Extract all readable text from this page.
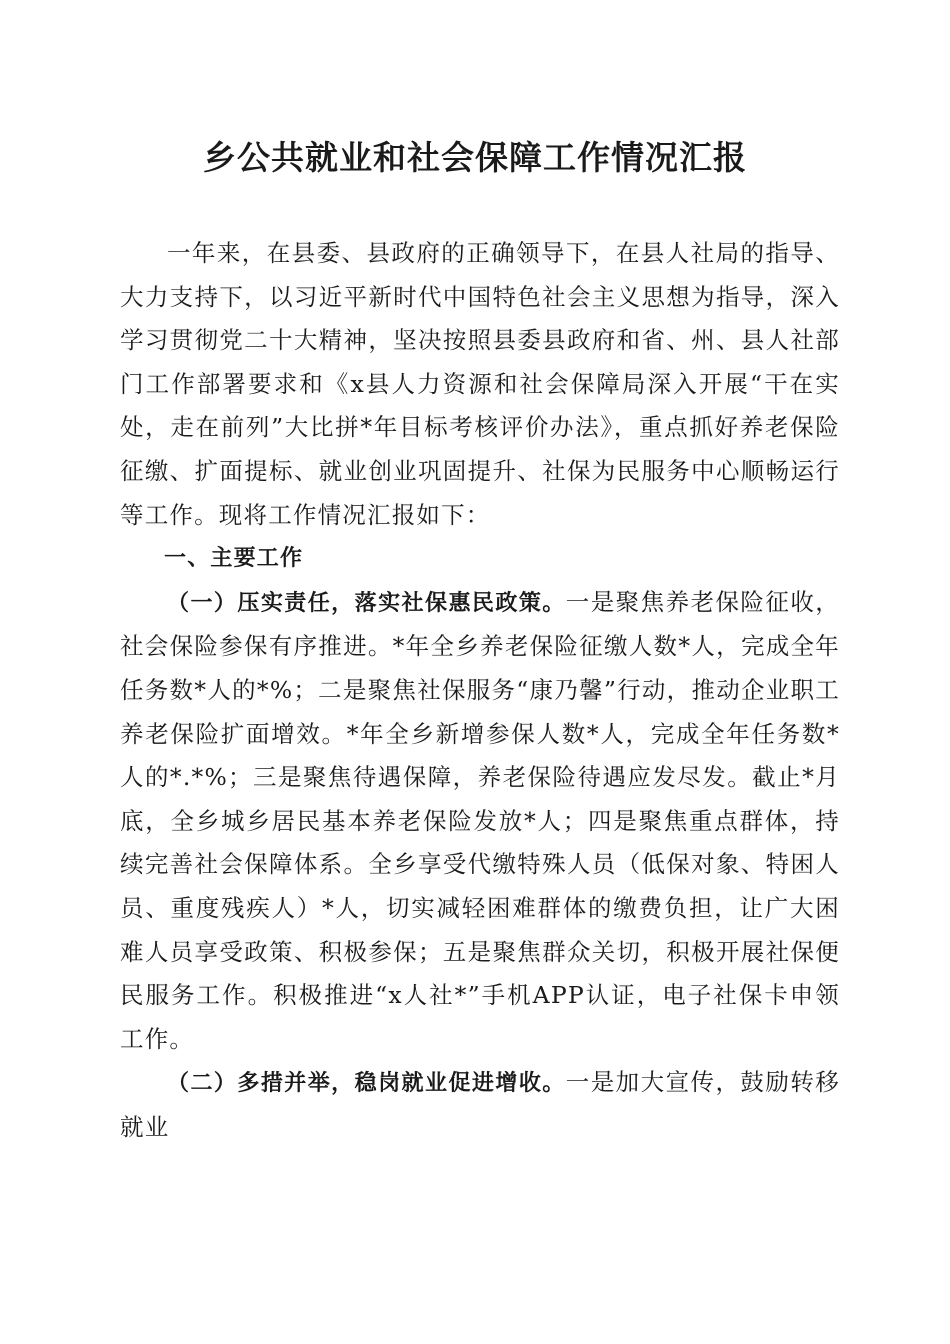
乡公共就业和社会保障工作情况汇报

一年来，在县委、县政府的正确领导下，在县人社局的指导、大力支持下，以习近平新时代中国特色社会主义思想为指导，深入学习贯彻党二十大精神，坚决按照县委县政府和省、州、县人社部门工作部署要求和《x县人力资源和社会保障局深入开展“干在实处，走在前列”大比拼*年目标考核评价办法》，重点抓好养老保险征缴、扩面提标、就业创业巩固提升、社保为民服务中心顺畅运行等工作。现将工作情况汇报如下：

一、主要工作

（一）压实责任，落实社保惠民政策。一是聚焦养老保险征收，社会保险参保有序推进。*年全乡养老保险征缴人数*人，完成全年任务数*人的*%；二是聚焦社保服务“康乃馨”行动，推动企业职工养老保险扩面增效。*年全乡新增参保人数*人，完成全年任务数*人的*.*%；三是聚焦待遇保障，养老保险待遇应发尽发。截止*月底，全乡城乡居民基本养老保险发放*人；四是聚焦重点群体，持续完善社会保障体系。全乡享受代缴特殊人员（低保对象、特困人员、重度残疾人）*人，切实减轻困难群体的缴费负担，让广大困难人员享受政策、积极参保；五是聚焦群众关切，积极开展社保便民服务工作。积极推进“x人社*”手机APP认证，电子社保卡申领工作。

（二）多措并举，稳岗就业促进增收。一是加大宣传，鼓励转移就业
